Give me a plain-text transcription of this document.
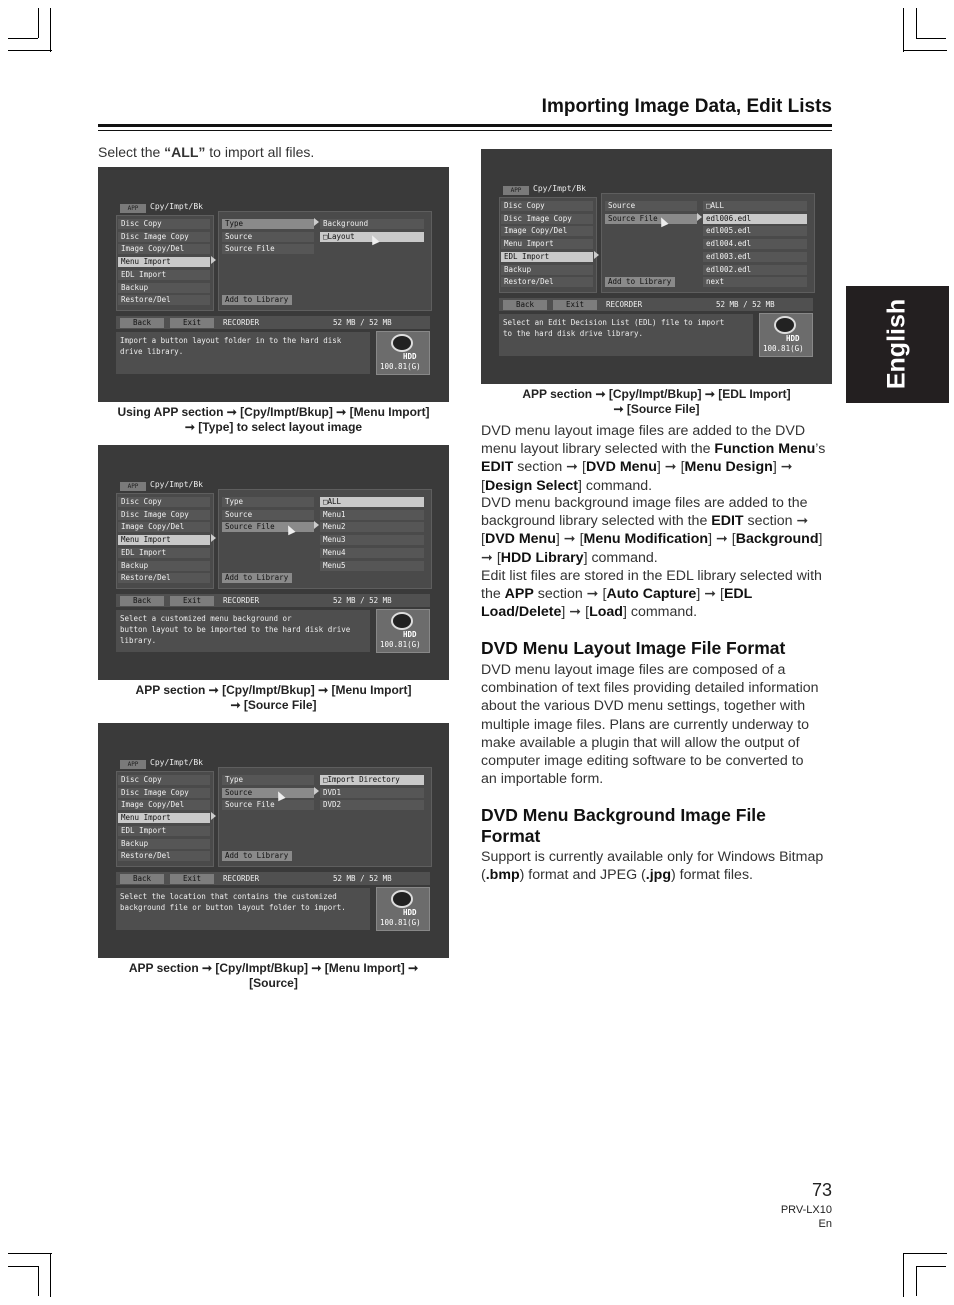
Importing Image Data, Edit Lists
English
Select the “ALL” to import all files.
APP	Cpy/Impt/Bk
Disc Copy
Disc Image Copy
Image Copy/Del
Menu Import
EDL Import
Backup
Restore/Del
Type
Source
Source File
Background
□Layout
Add to Library
Back	Exit	RECORDER	52 MB / 52 MB
Import a button layout folder in to the hard disk
drive library.
HDD
100.81(G)
Using APP section ➞ [Cpy/Impt/Bkup] ➞ [Menu Import]
➞ [Type] to select layout image
APP	Cpy/Impt/Bk
Disc Copy
Disc Image Copy
Image Copy/Del
Menu Import
EDL Import
Backup
Restore/Del
Type
Source
Source File
□ALL
Menu1
Menu2
Menu3
Menu4
Menu5
Add to Library
Back	Exit	RECORDER	52 MB / 52 MB
Select a customized menu background or
button layout to be imported to the hard disk drive
library.
HDD
100.81(G)
APP section ➞ [Cpy/Impt/Bkup] ➞ [Menu Import]
➞ [Source File]
APP	Cpy/Impt/Bk
Disc Copy
Disc Image Copy
Image Copy/Del
Menu Import
EDL Import
Backup
Restore/Del
Type
Source
Source File
□Import Directory
DVD1
DVD2
Add to Library
Back	Exit	RECORDER	52 MB / 52 MB
Select the location that contains the customized
background file or button layout folder to import.
HDD
100.81(G)
APP section ➞ [Cpy/Impt/Bkup] ➞ [Menu Import] ➞
[Source]
APP	Cpy/Impt/Bk
Disc Copy
Disc Image Copy
Image Copy/Del
Menu Import
EDL Import
Backup
Restore/Del
Source
Source File
□ALL
edl006.edl
edl005.edl
edl004.edl
edl003.edl
edl002.edl
next
Add to Library
Back	Exit	RECORDER	52 MB / 52 MB
Select an Edit Decision List (EDL) file to import
to the hard disk drive library.
HDD
100.81(G)
APP section ➞ [Cpy/Impt/Bkup] ➞ [EDL Import]
➞ [Source File]
DVD menu layout image files are added to the DVD menu layout library selected with the Function Menu’s EDIT section ➞ [DVD Menu] ➞ [Menu Design] ➞ [Design Select] command.
DVD menu background image files are added to the background library selected with the EDIT section ➞ [DVD Menu] ➞ [Menu Modification] ➞ [Background] ➞ [HDD Library] command.
Edit list files are stored in the EDL library selected with the APP section ➞ [Auto Capture] ➞ [EDL Load/Delete] ➞ [Load] command.
DVD Menu Layout Image File Format
DVD menu layout image files are composed of a combination of text files providing detailed information about the various DVD menu settings, together with multiple image files. Plans are currently underway to make available a plugin that will allow the output of computer image editing software to be converted to an importable form.
DVD Menu Background Image File Format
Support is currently available only for Windows Bitmap (.bmp) format and JPEG (.jpg) format files.
73
PRV-LX10
En
